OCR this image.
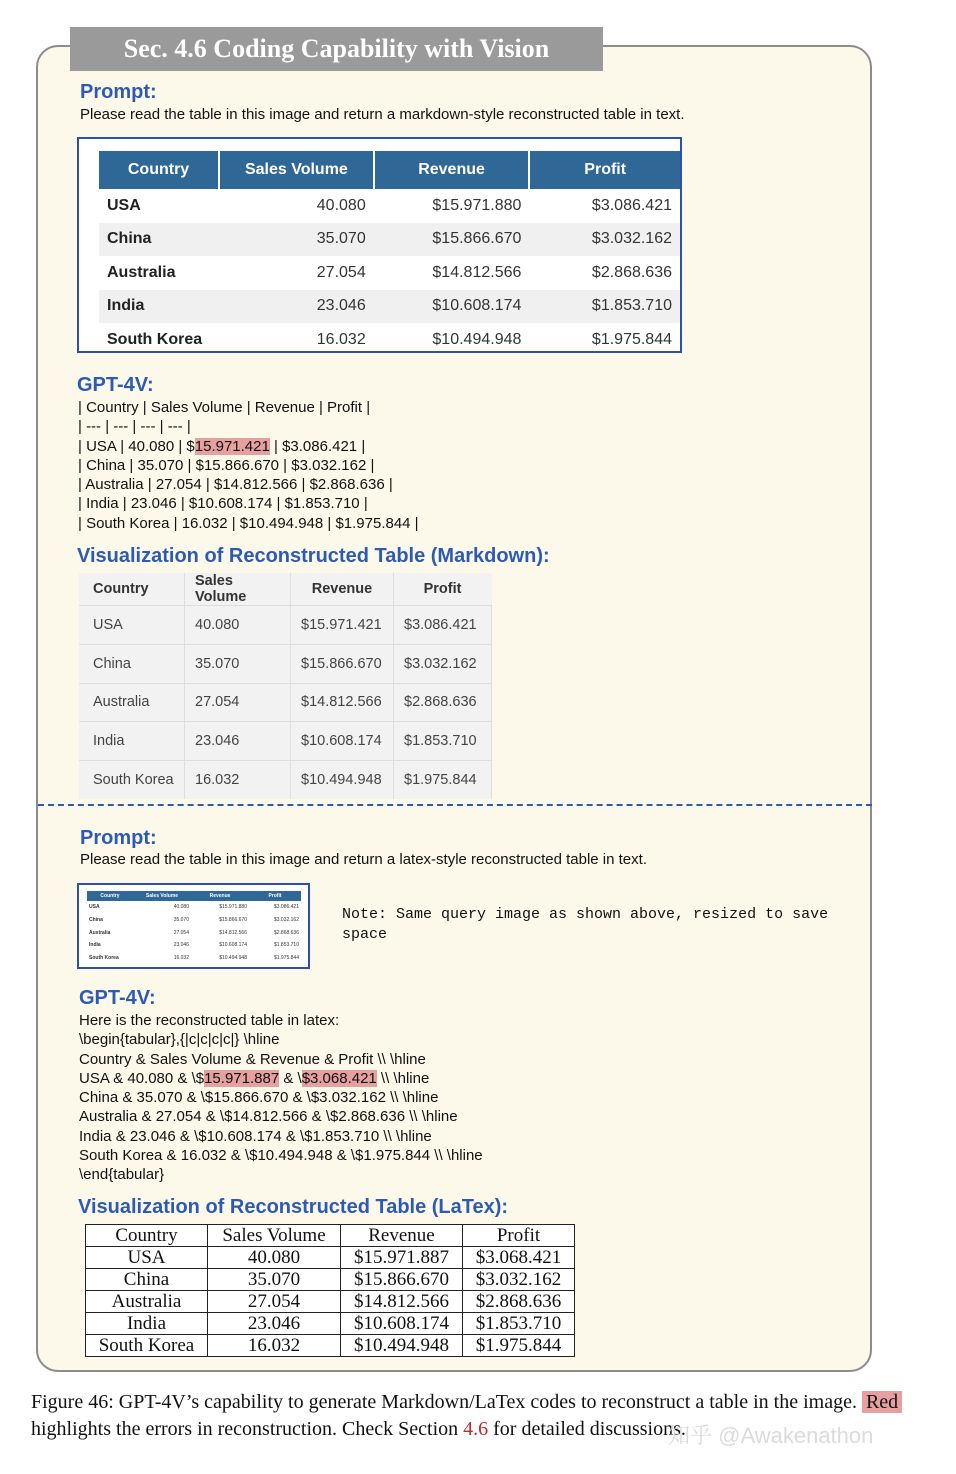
Sec. 4.6 Coding Capability with Vision
Prompt:
Please read the table in this image and return a markdown-style reconstructed table in text.
Country	Sales Volume	Revenue	Profit
USA	40.080	$15.971.880	$3.086.421
China	35.070	$15.866.670	$3.032.162
Australia	27.054	$14.812.566	$2.868.636
India	23.046	$10.608.174	$1.853.710
South Korea	16.032	$10.494.948	$1.975.844
GPT-4V:
| Country | Sales Volume | Revenue | Profit |
| --- | --- | --- | --- |
| USA | 40.080 | $15.971.421 | $3.086.421 |
| China | 35.070 | $15.866.670 | $3.032.162 |
| Australia | 27.054 | $14.812.566 | $2.868.636 |
| India | 23.046 | $10.608.174 | $1.853.710 |
| South Korea | 16.032 | $10.494.948 | $1.975.844 |
Visualization of Reconstructed Table (Markdown):
Country	Sales Volume	Revenue	Profit
USA	40.080	$15.971.421	$3.086.421
China	35.070	$15.866.670	$3.032.162
Australia	27.054	$14.812.566	$2.868.636
India	23.046	$10.608.174	$1.853.710
South Korea	16.032	$10.494.948	$1.975.844
Prompt:
Please read the table in this image and return a latex-style reconstructed table in text.
Country	Sales Volume	Revenue	Profit
USA	40.080	$15.971.880	$3.086.421
China	35.070	$15.866.670	$3.032.162
Australia	27.054	$14.812.566	$2.868.636
India	23.046	$10.608.174	$1.853.710
South Korea	16.032	$10.494.948	$1.975.844
Note: Same query image as shown above, resized to save space
GPT-4V:
Here is the reconstructed table in latex:
\begin{tabular},{|c|c|c|c|} \hline
Country & Sales Volume & Revenue & Profit \\ \hline
USA & 40.080 & \$15.971.887 & \$3.068.421 \\ \hline
China & 35.070 & \$15.866.670 & \$3.032.162 \\ \hline
Australia & 27.054 & \$14.812.566 & \$2.868.636 \\ \hline
India & 23.046 & \$10.608.174 & \$1.853.710 \\ \hline
South Korea & 16.032 & \$10.494.948 & \$1.975.844 \\ \hline
\end{tabular}
Visualization of Reconstructed Table (LaTex):
Country	Sales Volume	Revenue	Profit
USA	40.080	$15.971.887	$3.068.421
China	35.070	$15.866.670	$3.032.162
Australia	27.054	$14.812.566	$2.868.636
India	23.046	$10.608.174	$1.853.710
South Korea	16.032	$10.494.948	$1.975.844
Figure 46: GPT-4V’s capability to generate Markdown/LaTex codes to reconstruct a table in the image. Red highlights the errors in reconstruction. Check Section 4.6 for detailed discussions.
知乎 @Awakenathon
